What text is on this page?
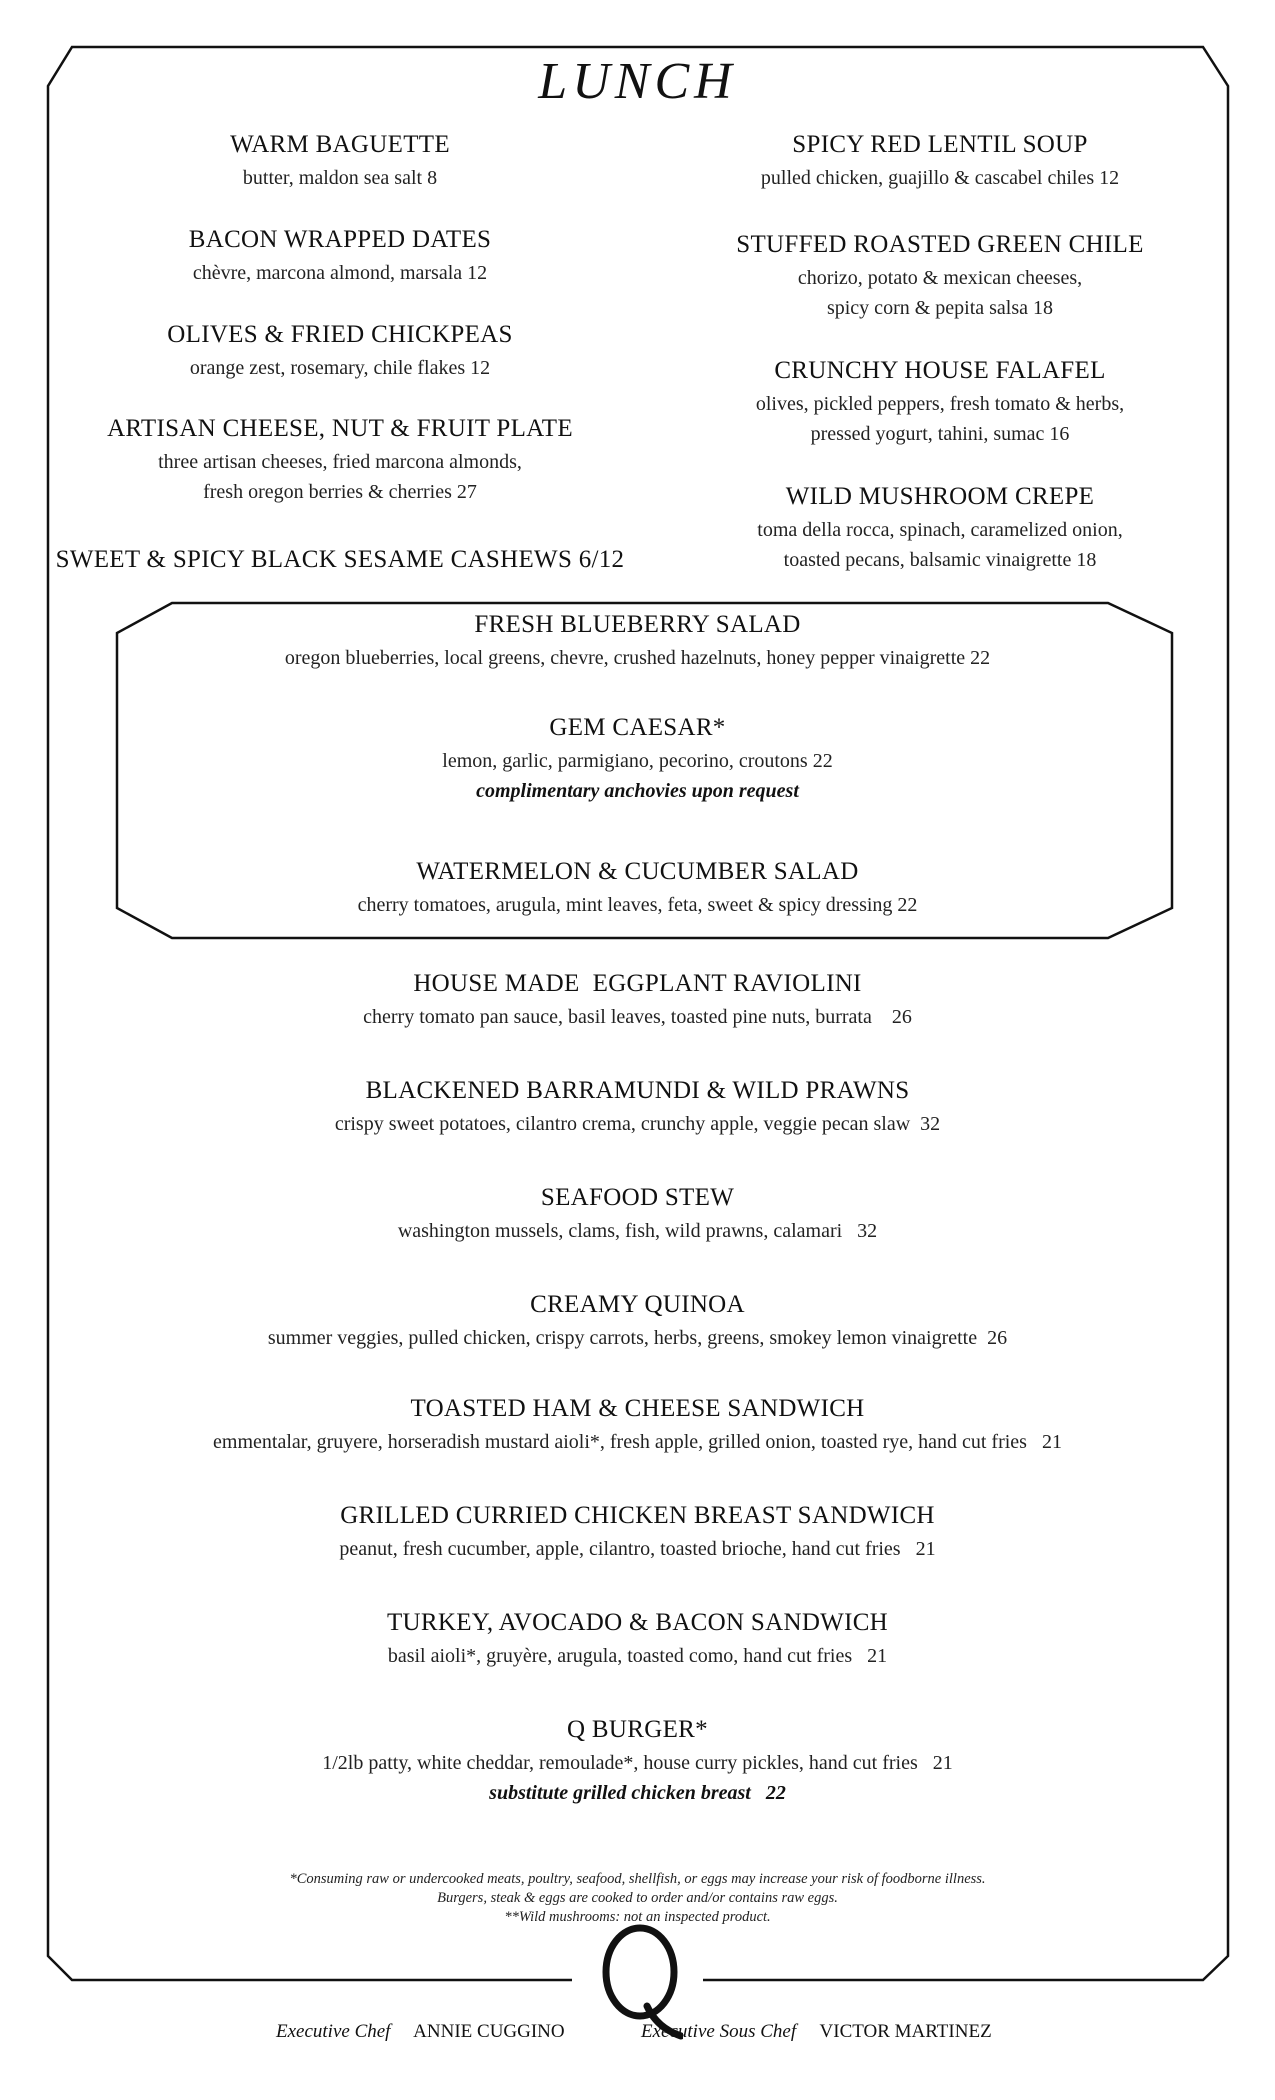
LUNCH
WARM BAGUETTE
butter, maldon sea salt 8
BACON WRAPPED DATES
chèvre, marcona almond, marsala 12
OLIVES & FRIED CHICKPEAS
orange zest, rosemary, chile flakes 12
ARTISAN CHEESE, NUT & FRUIT PLATE
three artisan cheeses, fried marcona almonds,
fresh oregon berries & cherries 27
SWEET & SPICY BLACK SESAME CASHEWS 6/12
SPICY RED LENTIL SOUP
pulled chicken, guajillo & cascabel chiles 12
STUFFED ROASTED GREEN CHILE
chorizo, potato & mexican cheeses,
spicy corn & pepita salsa 18
CRUNCHY HOUSE FALAFEL
olives, pickled peppers, fresh tomato & herbs,
pressed yogurt, tahini, sumac 16
WILD MUSHROOM CREPE
toma della rocca, spinach, caramelized onion,
toasted pecans, balsamic vinaigrette 18
FRESH BLUEBERRY SALAD
oregon blueberries, local greens, chevre, crushed hazelnuts, honey pepper vinaigrette 22
GEM CAESAR*
lemon, garlic, parmigiano, pecorino, croutons 22
complimentary anchovies upon request
WATERMELON & CUCUMBER SALAD
cherry tomatoes, arugula, mint leaves, feta, sweet & spicy dressing 22
HOUSE MADE  EGGPLANT RAVIOLINI
cherry tomato pan sauce, basil leaves, toasted pine nuts, burrata    26
BLACKENED BARRAMUNDI & WILD PRAWNS
crispy sweet potatoes, cilantro crema, crunchy apple, veggie pecan slaw  32
SEAFOOD STEW
washington mussels, clams, fish, wild prawns, calamari   32
CREAMY QUINOA
summer veggies, pulled chicken, crispy carrots, herbs, greens, smokey lemon vinaigrette  26
TOASTED HAM & CHEESE SANDWICH
emmentalar, gruyere, horseradish mustard aioli*, fresh apple, grilled onion, toasted rye, hand cut fries   21
GRILLED CURRIED CHICKEN BREAST SANDWICH
peanut, fresh cucumber, apple, cilantro, toasted brioche, hand cut fries   21
TURKEY, AVOCADO & BACON SANDWICH
basil aioli*, gruyère, arugula, toasted como, hand cut fries   21
Q BURGER*
1/2lb patty, white cheddar, remoulade*, house curry pickles, hand cut fries   21
substitute grilled chicken breast   22
*Consuming raw or undercooked meats, poultry, seafood, shellfish, or eggs may increase your risk of foodborne illness.
Burgers, steak & eggs are cooked to order and/or contains raw eggs.
**Wild mushrooms: not an inspected product.
Executive Chef ANNIE CUGGINO	Executive Sous Chef VICTOR MARTINEZ
